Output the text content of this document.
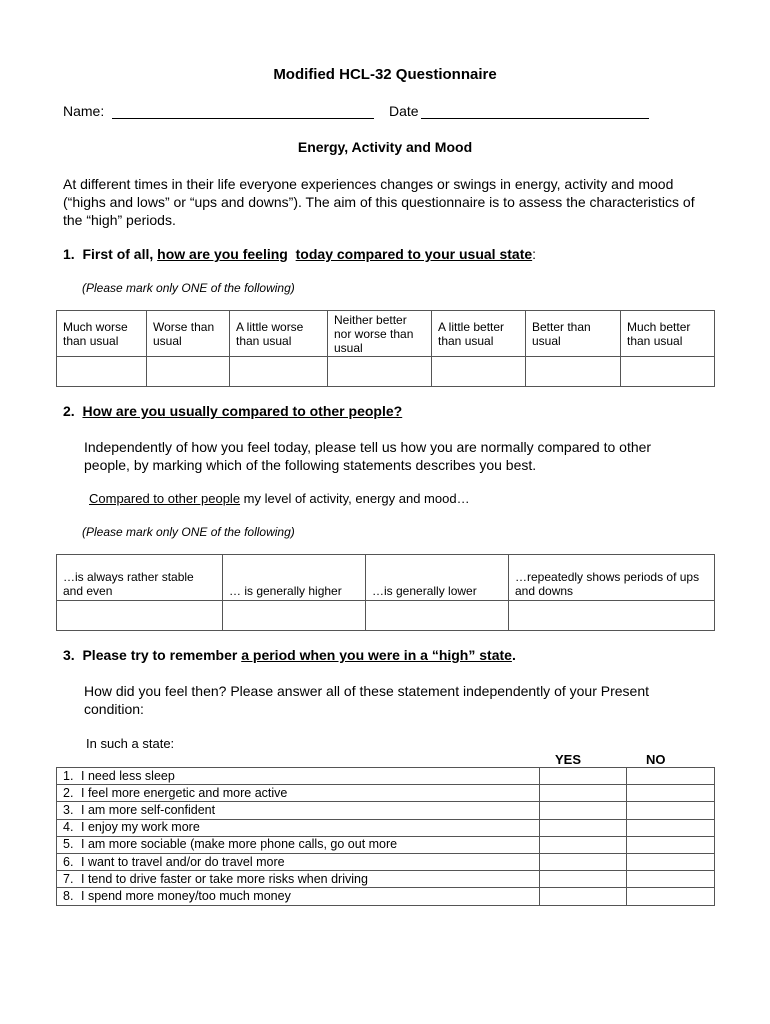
Modified HCL-32 Questionnaire
Name:	Date
Energy, Activity and Mood
At different times in their life everyone experiences changes or swings in energy, activity and mood (“highs and lows” or “ups and downs”). The aim of this questionnaire is to assess the characteristics of the “high” periods.
1. First of all, how are you feeling today compared to your usual state:
(Please mark only ONE of the following)
Much worse than usual	Worse than usual	A little worse than usual	Neither better nor worse than usual	A little better than usual	Better than usual	Much better than usual

2. How are you usually compared to other people?
Independently of how you feel today, please tell us how you are normally compared to other people, by marking which of the following statements describes you best.
Compared to other people my level of activity, energy and mood…
(Please mark only ONE of the following)
…is always rather stable and even	… is generally higher	…is generally lower	…repeatedly shows periods of ups and downs

3. Please try to remember a period when you were in a “high” state.
How did you feel then? Please answer all of these statement independently of your Present condition:
In such a state:
YES	NO
1. I need less sleep		
2. I feel more energetic and more active		
3. I am more self-confident		
4. I enjoy my work more		
5. I am more sociable (make more phone calls, go out more		
6. I want to travel and/or do travel more		
7. I tend to drive faster or take more risks when driving		
8. I spend more money/too much money		
